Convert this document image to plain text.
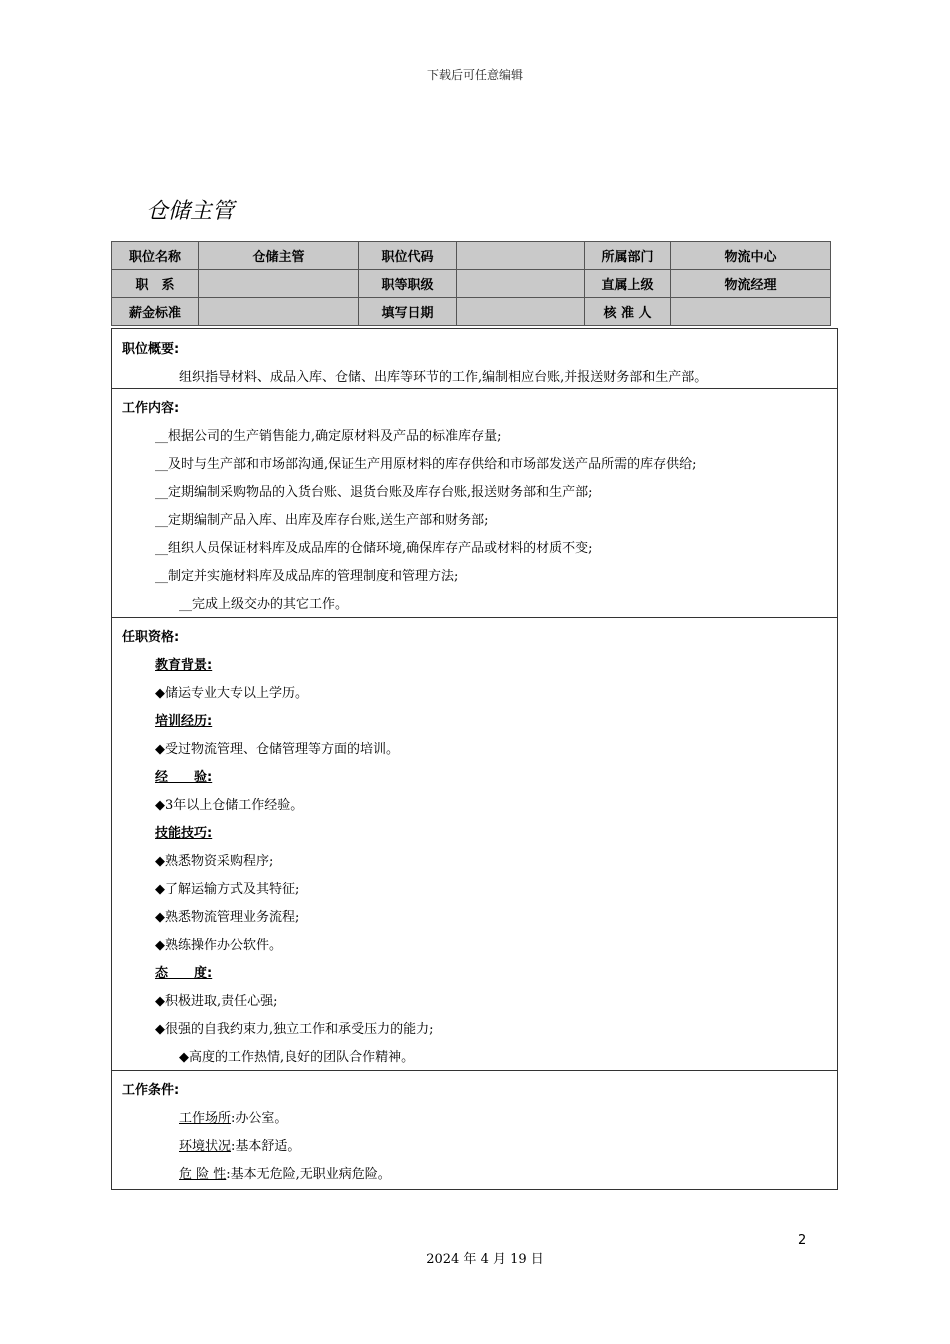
下载后可任意编辑
仓储主管
职位名称	仓储主管	职位代码		所属部门	物流中心
职　系		职等职级		直属上级	物流经理
薪金标准		填写日期		核 准 人	
职位概要:
组织指导材料、成品入库、仓储、出库等环节的工作,编制相应台账,并报送财务部和生产部。
工作内容:
__根据公司的生产销售能力,确定原材料及产品的标准库存量;
__及时与生产部和市场部沟通,保证生产用原材料的库存供给和市场部发送产品所需的库存供给;
__定期编制采购物品的入货台账、退货台账及库存台账,报送财务部和生产部;
__定期编制产品入库、出库及库存台账,送生产部和财务部;
__组织人员保证材料库及成品库的仓储环境,确保库存产品或材料的材质不变;
__制定并实施材料库及成品库的管理制度和管理方法;
__完成上级交办的其它工作。
任职资格:
教育背景:
◆储运专业大专以上学历。
培训经历:
◆受过物流管理、仓储管理等方面的培训。
经　　验:
◆3年以上仓储工作经验。
技能技巧:
◆熟悉物资采购程序;
◆了解运输方式及其特征;
◆熟悉物流管理业务流程;
◆熟练操作办公软件。
态　　度:
◆积极进取,责任心强;
◆很强的自我约束力,独立工作和承受压力的能力;
◆高度的工作热情,良好的团队合作精神。
工作条件:
工作场所:办公室。
环境状况:基本舒适。
危 险 性:基本无危险,无职业病危险。
2
2024 年 4 月 19 日
